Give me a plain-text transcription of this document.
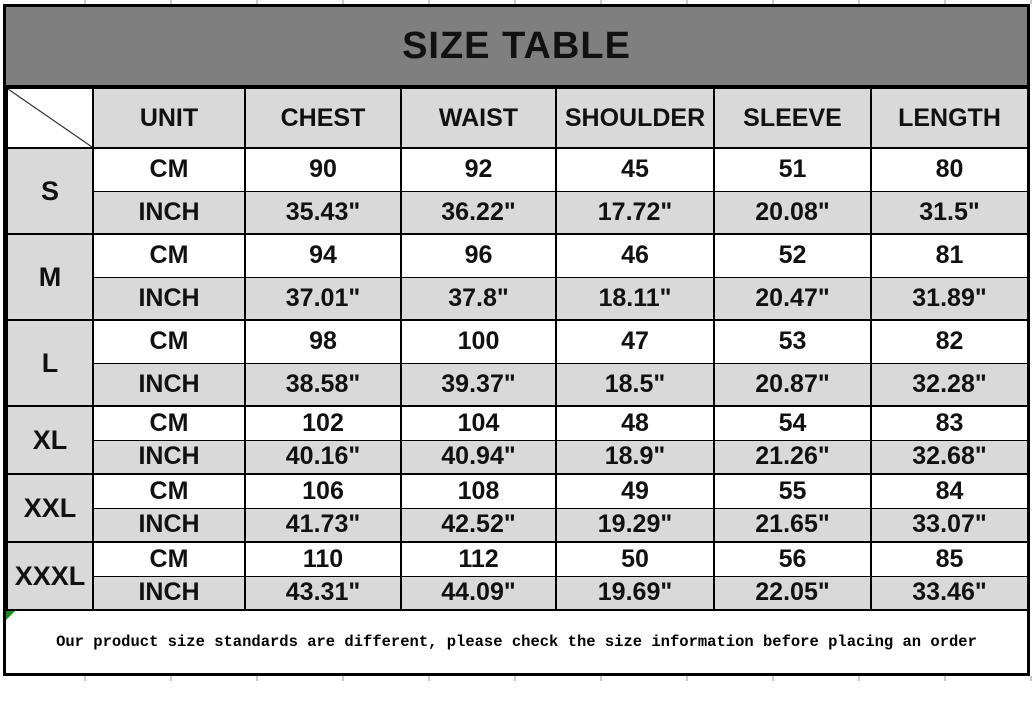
SIZE TABLE
	UNIT	CHEST	WAIST	SHOULDER	SLEEVE	LENGTH
S	CM	90	92	45	51	80
	INCH	35.43"	36.22"	17.72"	20.08"	31.5"
M	CM	94	96	46	52	81
	INCH	37.01"	37.8"	18.11"	20.47"	31.89"
L	CM	98	100	47	53	82
	INCH	38.58"	39.37"	18.5"	20.87"	32.28"
XL	CM	102	104	48	54	83
	INCH	40.16"	40.94"	18.9"	21.26"	32.68"
XXL	CM	106	108	49	55	84
	INCH	41.73"	42.52"	19.29"	21.65"	33.07"
XXXL	CM	110	112	50	56	85
	INCH	43.31"	44.09"	19.69"	22.05"	33.46"
Our product size standards are different, please check the size information before placing an order
